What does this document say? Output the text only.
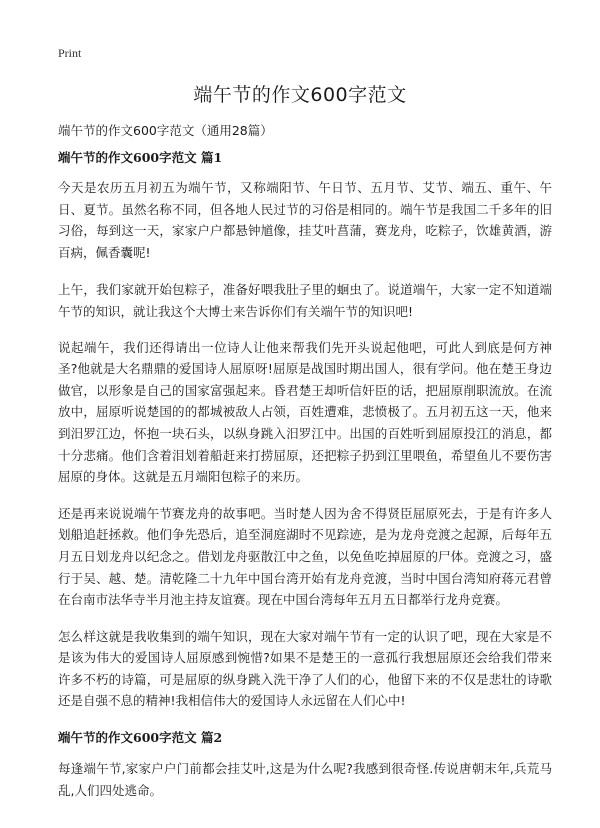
Print
端午节的作文600字范文

端午节的作文600字范文（通用28篇）

端午节的作文600字范文 篇1

今天是农历五月初五为端午节，又称端阳节、午日节、五月节、艾节、端五、重午、午日、夏节。虽然名称不同，但各地人民过节的习俗是相同的。端午节是我国二千多年的旧习俗，每到这一天，家家户户都悬钟馗像，挂艾叶菖蒲，赛龙舟，吃粽子，饮雄黄酒，游百病，佩香囊呢!

上午，我们家就开始包粽子，准备好喂我肚子里的蛔虫了。说道端午，大家一定不知道端午节的知识，就让我这个大博士来告诉你们有关端午节的知识吧!

说起端午，我们还得请出一位诗人让他来帮我们先开头说起他吧，可此人到底是何方神圣?他就是大名鼎鼎的爱国诗人屈原呀!屈原是战国时期出国人，很有学问。他在楚王身边做官，以形象是自己的国家富强起来。昏君楚王却听信奸臣的话，把屈原削职流放。在流放中，屈原听说楚国的的都城被敌人占领，百姓遭难，悲愤极了。五月初五这一天，他来到汨罗江边，怀抱一块石头，以纵身跳入汨罗江中。出国的百姓听到屈原投江的消息，都十分悲痛。他们含着泪划着船赶来打捞屈原，还把粽子扔到江里喂鱼，希望鱼儿不要伤害屈原的身体。这就是五月端阳包粽子的来历。

还是再来说说端午节赛龙舟的故事吧。当时楚人因为舍不得贤臣屈原死去，于是有许多人划船追赶拯救。他们争先恐后，追至洞庭湖时不见踪迹，是为龙舟竞渡之起源，后每年五月五日划龙舟以纪念之。借划龙舟驱散江中之鱼，以免鱼吃掉屈原的尸体。竞渡之习，盛行于吴、越、楚。清乾隆二十九年中国台湾开始有龙舟竞渡，当时中国台湾知府蒋元君曾在台南市法华寺半月池主持友谊赛。现在中国台湾每年五月五日都举行龙舟竞赛。

怎么样这就是我收集到的端午知识，现在大家对端午节有一定的认识了吧，现在大家是不是该为伟大的爱国诗人屈原感到惋惜?如果不是楚王的一意孤行我想屈原还会给我们带来许多不朽的诗篇，可是屈原的纵身跳入洗干净了人们的心，他留下来的不仅是悲壮的诗歌还是自强不息的精神!我相信伟大的爱国诗人永远留在人们心中!

端午节的作文600字范文 篇2

每逢端午节,家家户户门前都会挂艾叶,这是为什么呢?我感到很奇怪.传说唐朝末年,兵荒马乱,人们四处逃命。
